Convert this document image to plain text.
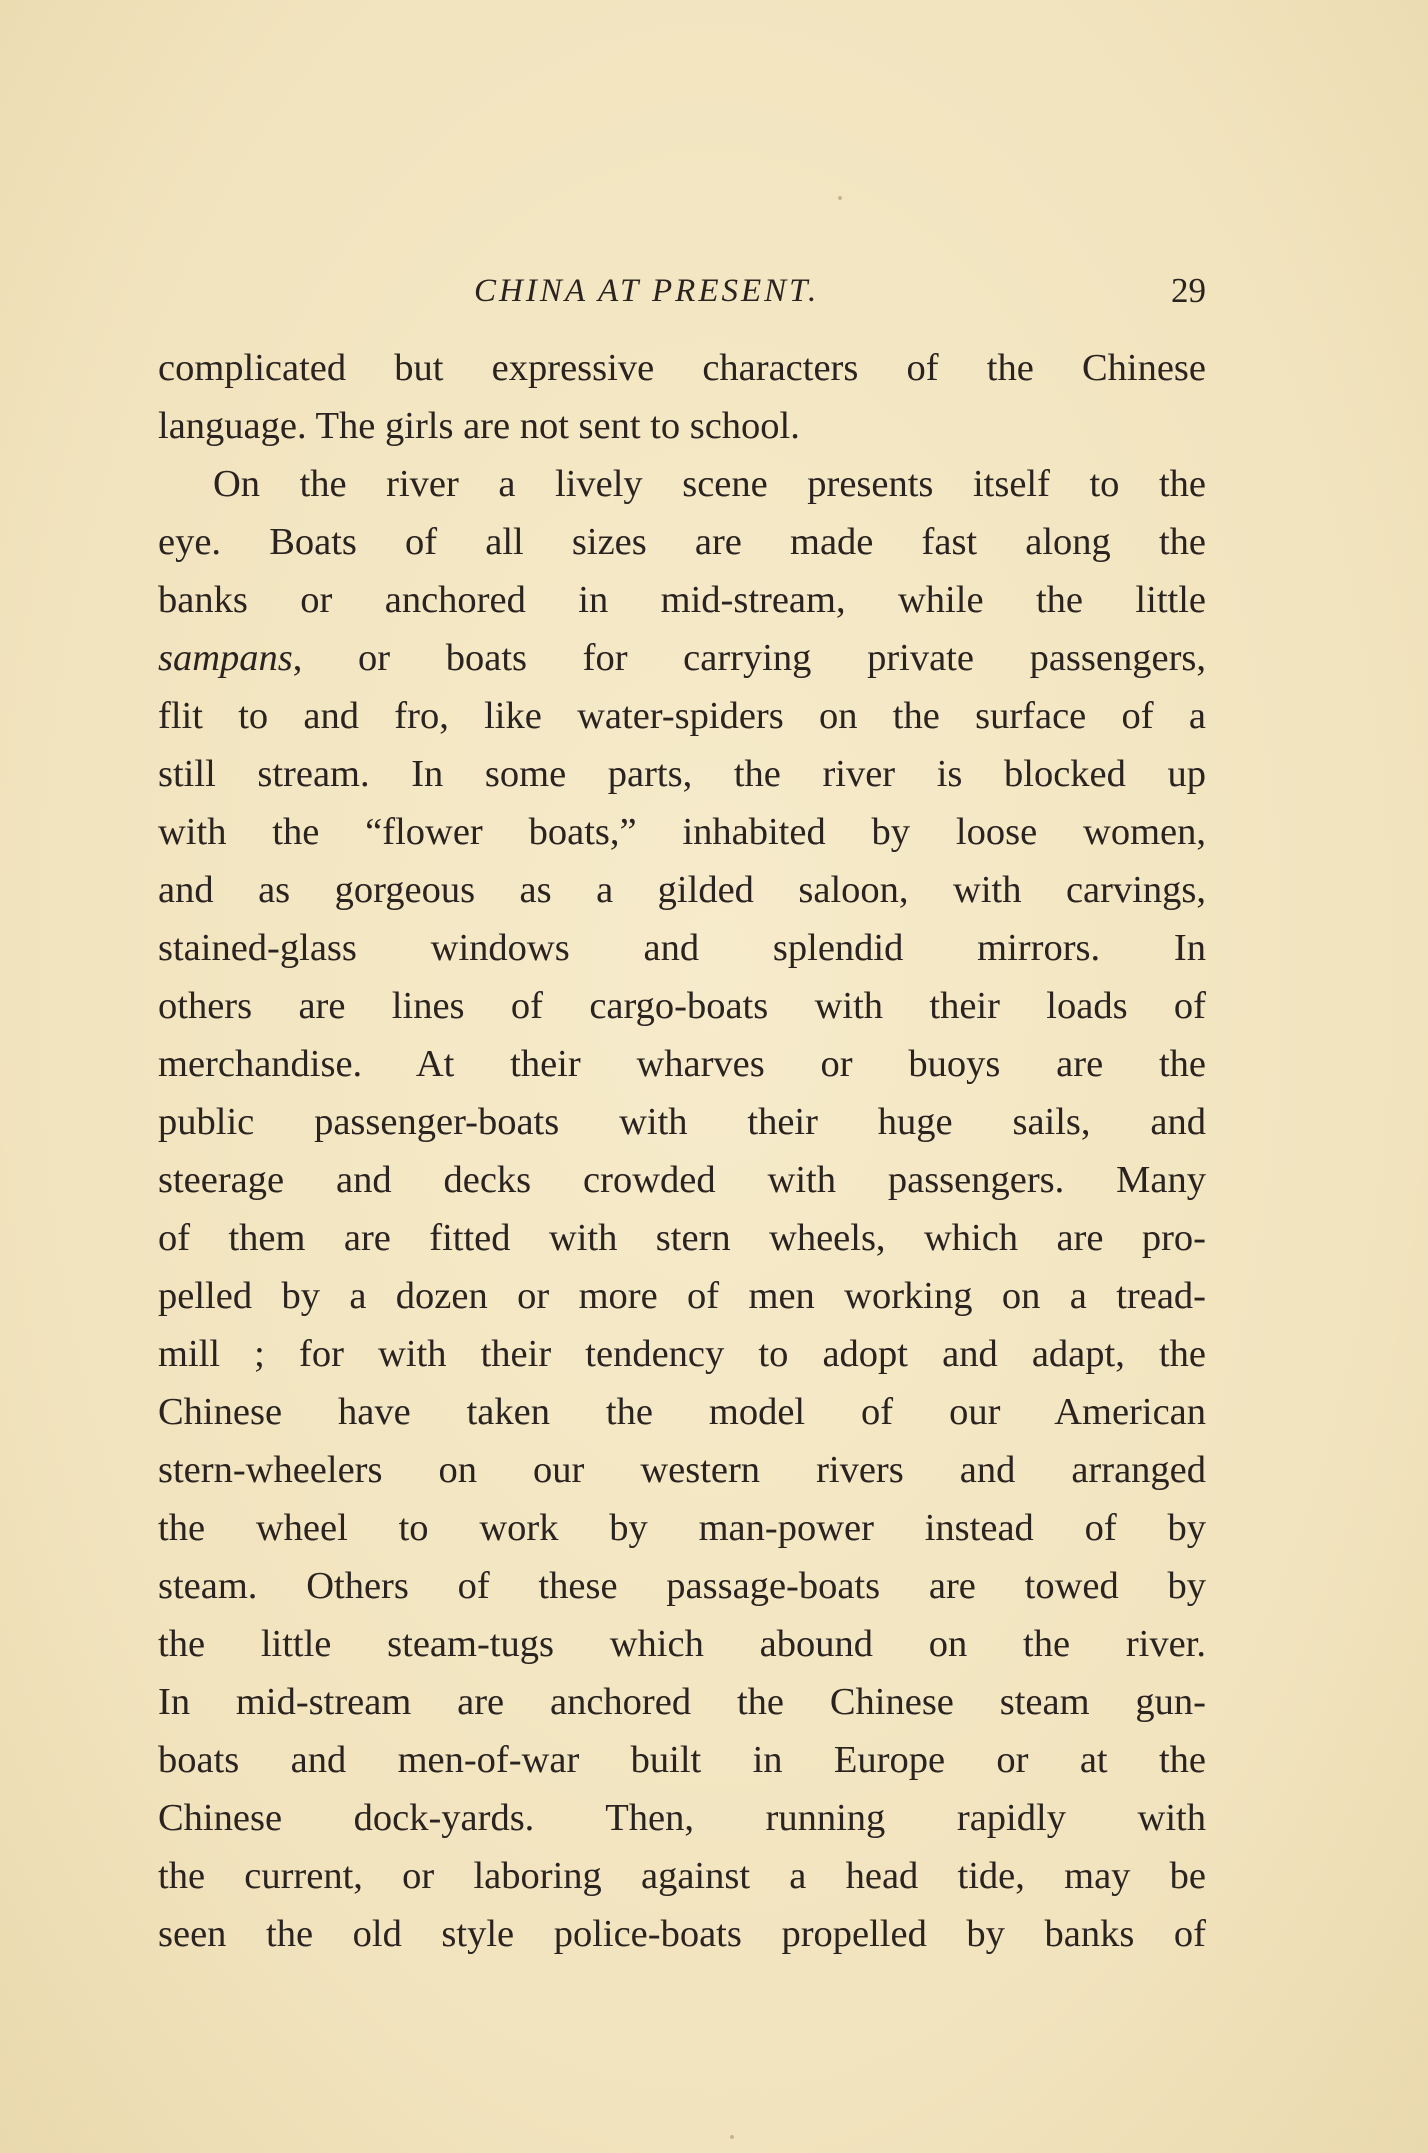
CHINA AT PRESENT.	29
complicated but expressive characters of the Chinese
language. The girls are not sent to school.
On the river a lively scene presents itself to the
eye. Boats of all sizes are made fast along the
banks or anchored in mid-stream, while the little
sampans, or boats for carrying private passengers,
flit to and fro, like water-spiders on the surface of a
still stream. In some parts, the river is blocked up
with the “flower boats,” inhabited by loose women,
and as gorgeous as a gilded saloon, with carvings,
stained-glass windows and splendid mirrors. In
others are lines of cargo-boats with their loads of
merchandise. At their wharves or buoys are the
public passenger-boats with their huge sails, and
steerage and decks crowded with passengers. Many
of them are fitted with stern wheels, which are pro-
pelled by a dozen or more of men working on a tread-
mill ; for with their tendency to adopt and adapt, the
Chinese have taken the model of our American
stern-wheelers on our western rivers and arranged
the wheel to work by man-power instead of by
steam. Others of these passage-boats are towed by
the little steam-tugs which abound on the river.
In mid-stream are anchored the Chinese steam gun-
boats and men-of-war built in Europe or at the
Chinese dock-yards. Then, running rapidly with
the current, or laboring against a head tide, may be
seen the old style police-boats propelled by banks of
